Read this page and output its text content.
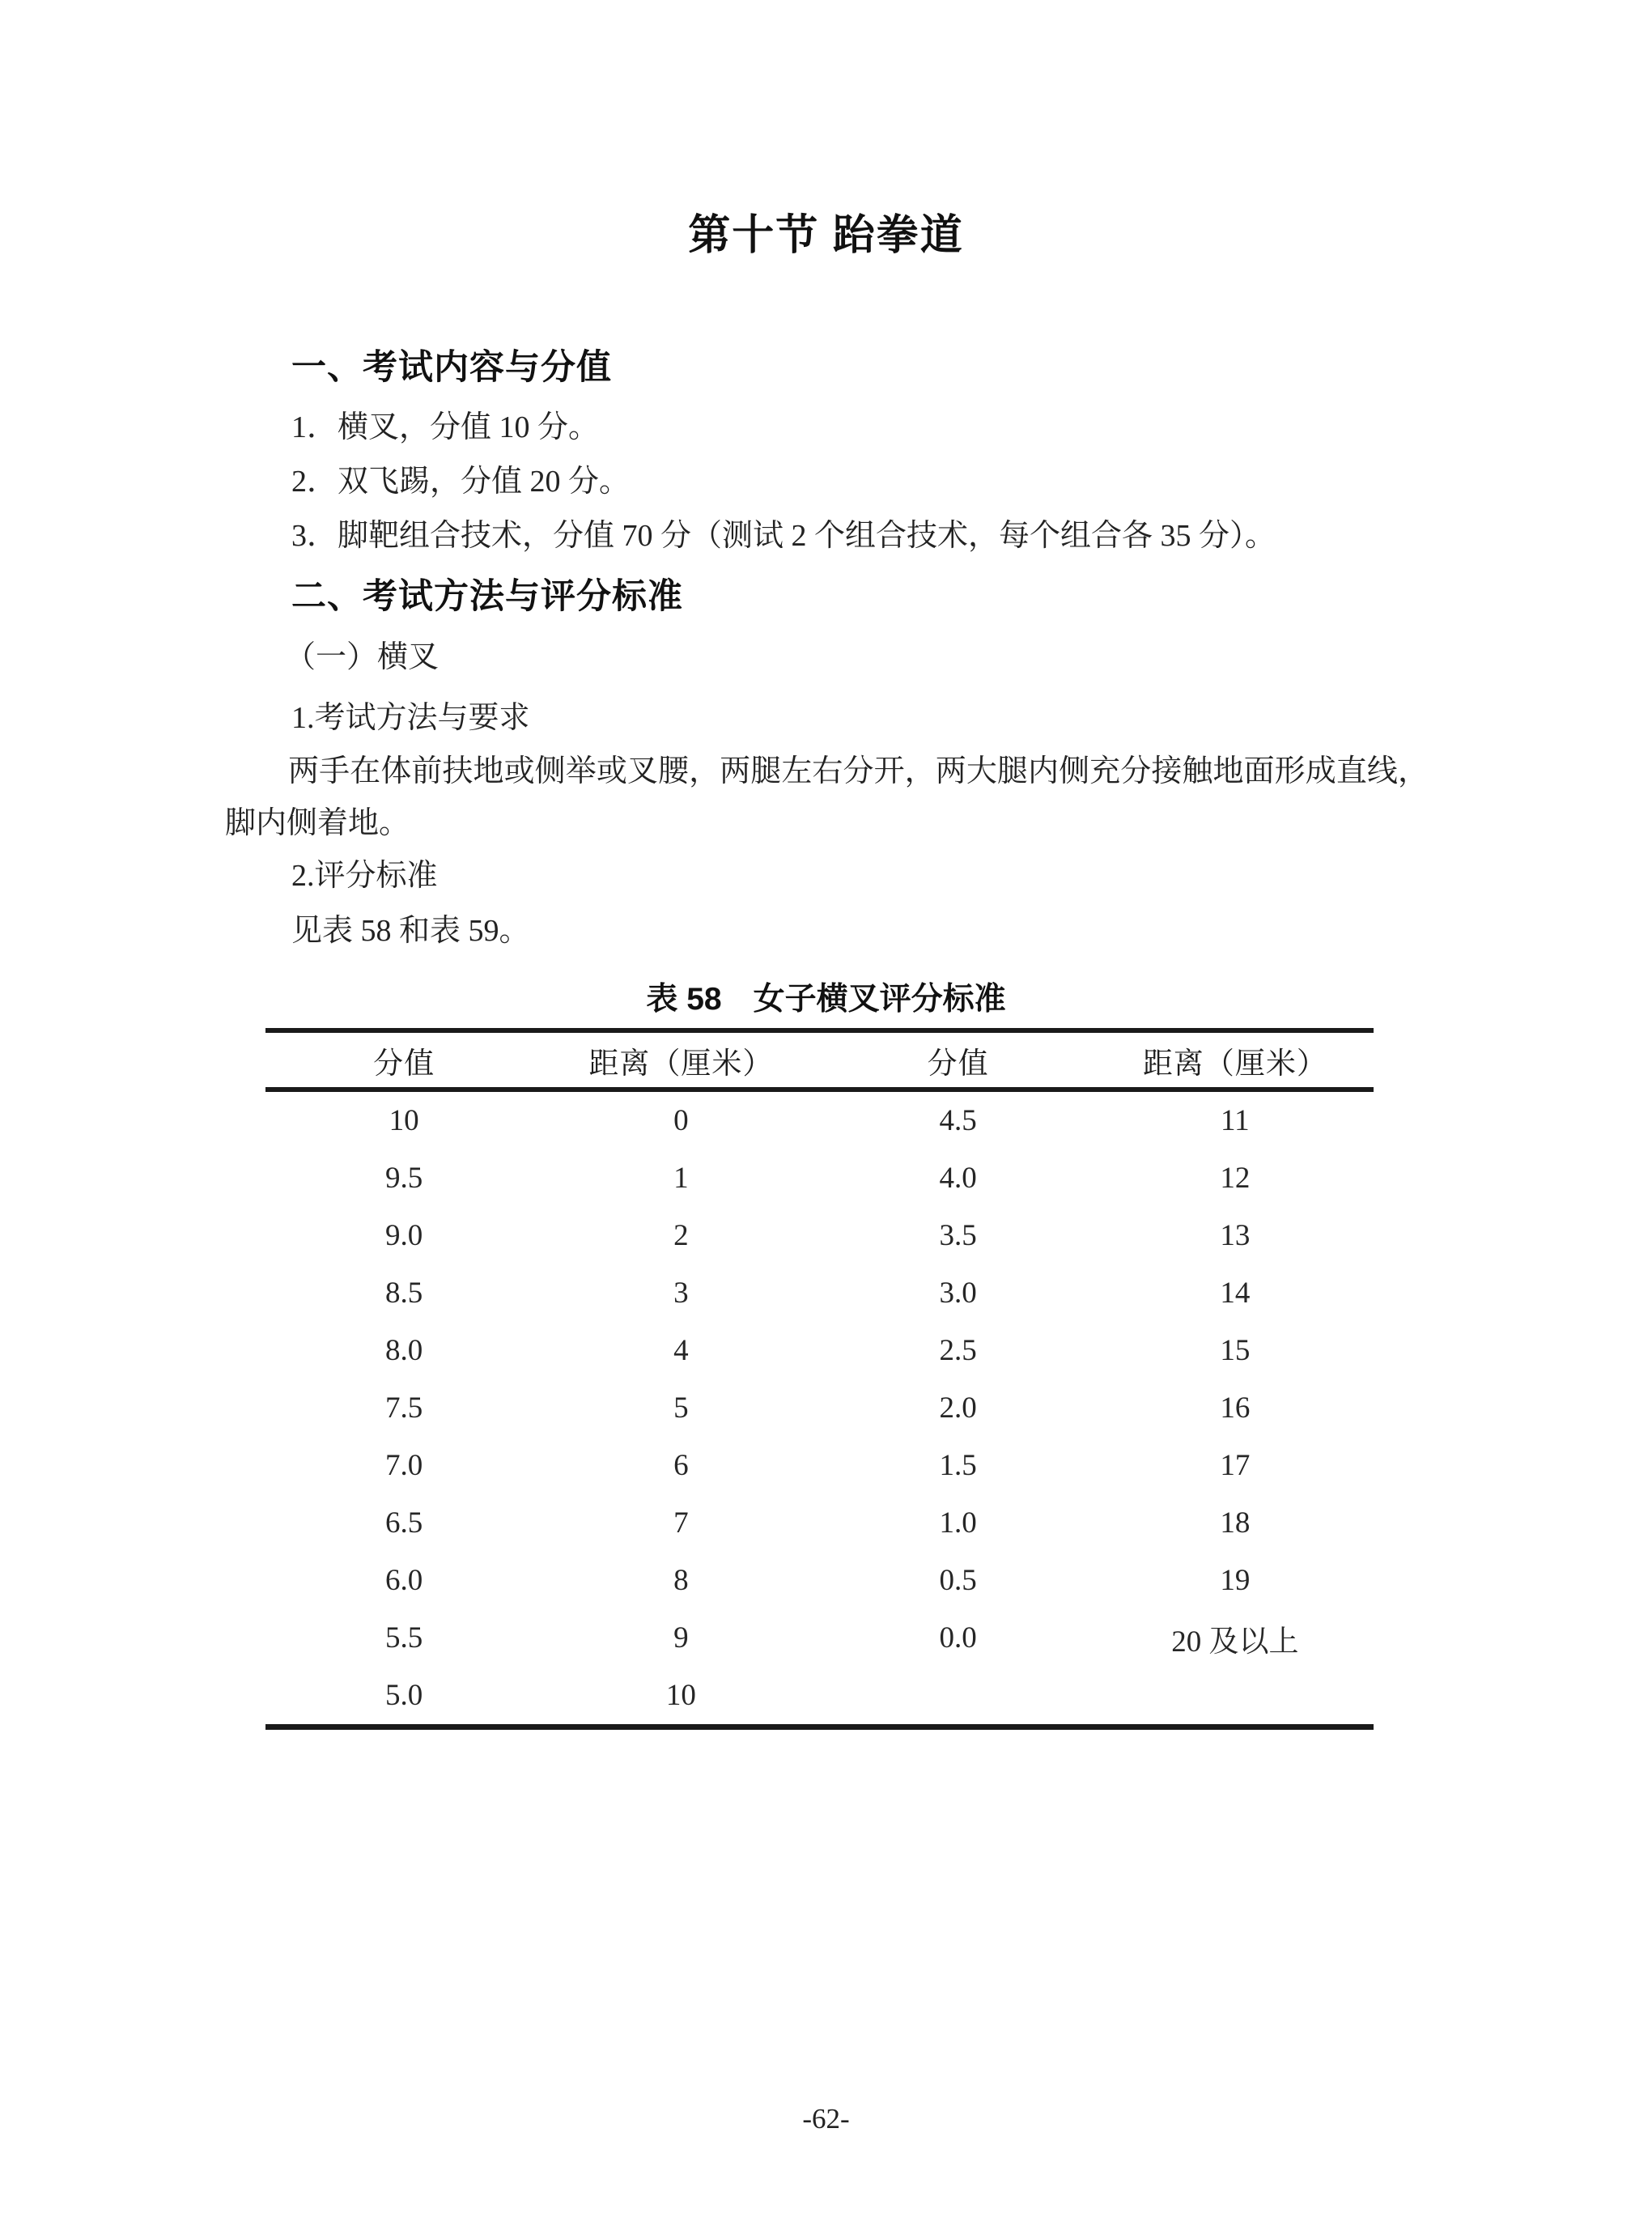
第十节 跆拳道
一、考试内容与分值

1．横叉，分值 10 分。

2．双飞踢，分值 20 分。

3．脚靶组合技术，分值 70 分（测试 2 个组合技术，每个组合各 35 分）。

二、考试方法与评分标准

（一）横叉

1.考试方法与要求

两手在体前扶地或侧举或叉腰，两腿左右分开，两大腿内侧充分接触地面形成直线，脚内侧着地。

2.评分标准

见表 58 和表 59。

表 58　女子横叉评分标准

分值	距离（厘米）	分值	距离（厘米）
10	0	4.5	11
9.5	1	4.0	12
9.0	2	3.5	13
8.5	3	3.0	14
8.0	4	2.5	15
7.5	5	2.0	16
7.0	6	1.5	17
6.5	7	1.0	18
6.0	8	0.5	19
5.5	9	0.0	20 及以上
5.0	10

-62-
